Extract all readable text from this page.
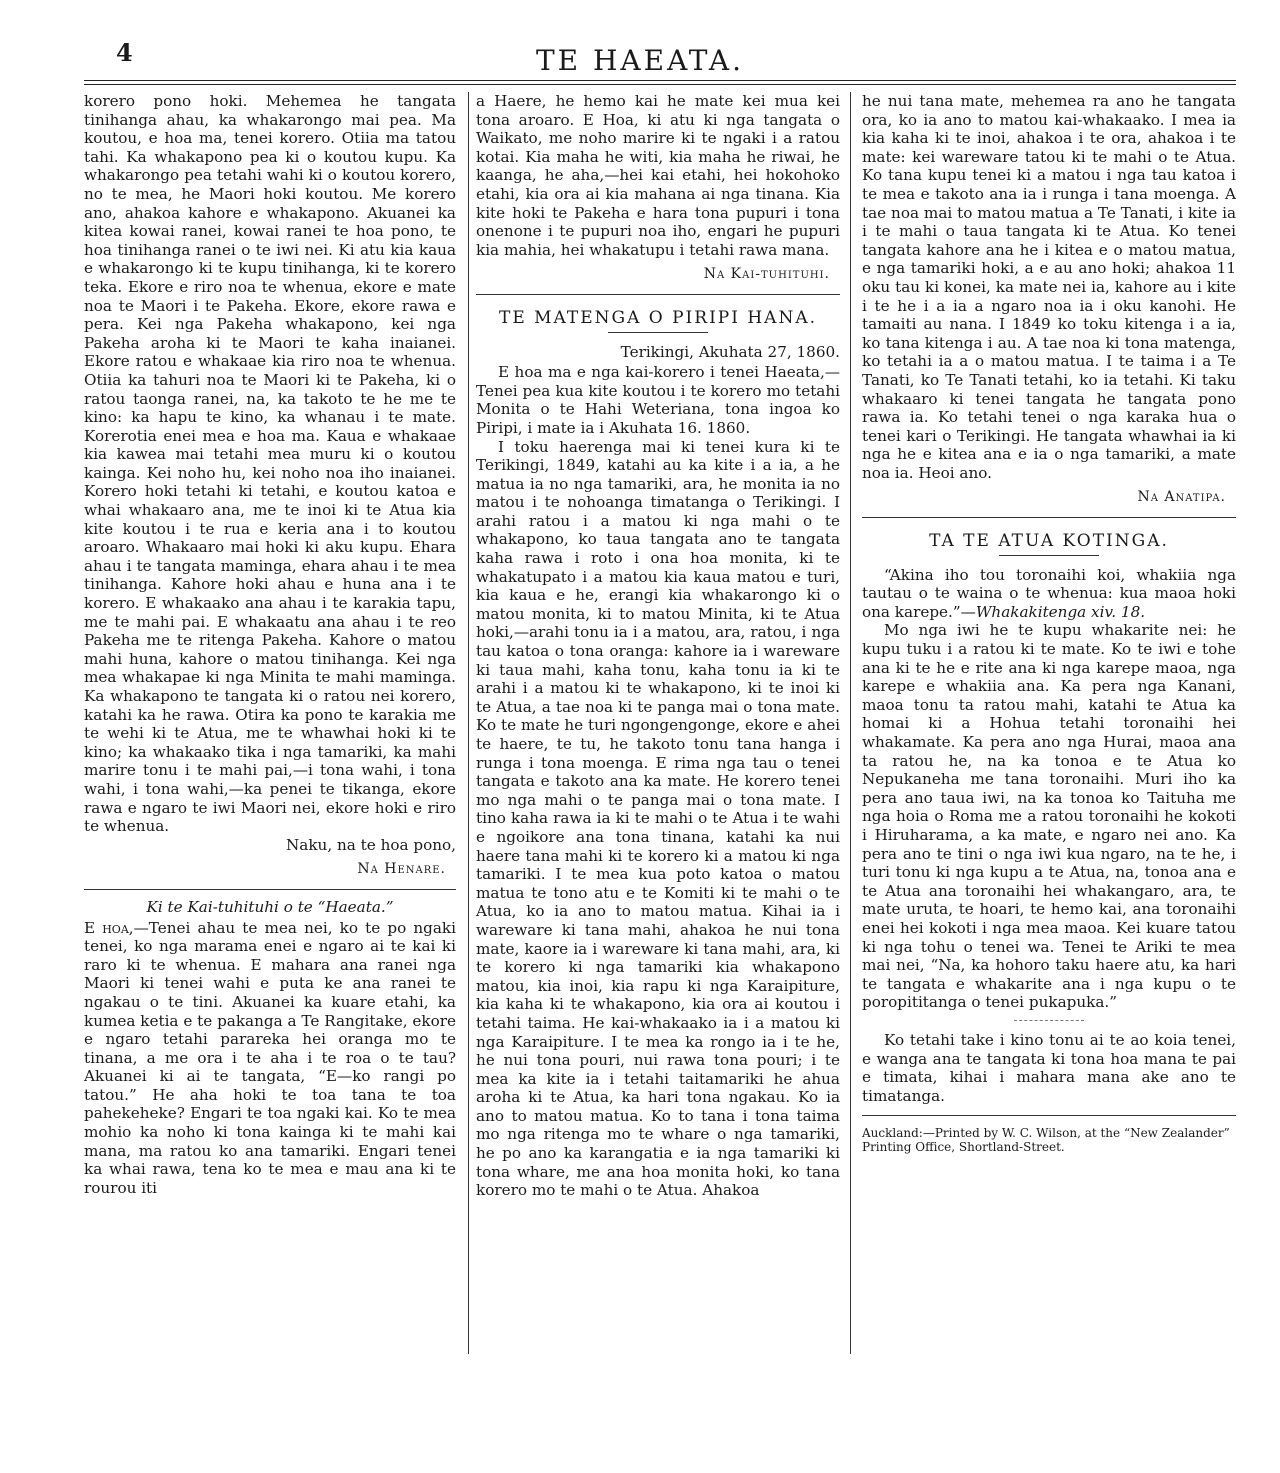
4	TE HAEATA.

korero pono hoki. Mehemea he tangata tinihanga ahau, ka whakarongo mai pea. Ma koutou, e hoa ma, tenei korero. Otiia ma tatou tahi. Ka whakapono pea ki o koutou kupu. Ka whakarongo pea tetahi wahi ki o koutou korero, no te mea, he Maori hoki koutou. Me korero ano, ahakoa kahore e whakapono. Akuanei ka kitea kowai ranei, kowai ranei te hoa pono, te hoa tinihanga ranei o te iwi nei. Ki atu kia kaua e whakarongo ki te kupu tinihanga, ki te korero teka. Ekore e riro noa te whenua, ekore e mate noa te Maori i te Pakeha. Ekore, ekore rawa e pera. Kei nga Pakeha whakapono, kei nga Pakeha aroha ki te Maori te kaha inaianei. Ekore ratou e whakaae kia riro noa te whenua. Otiia ka tahuri noa te Maori ki te Pakeha, ki o ratou taonga ranei, na, ka takoto te he me te kino: ka hapu te kino, ka whanau i te mate. Korerotia enei mea e hoa ma. Kaua e whakaae kia kawea mai tetahi mea muru ki o koutou kainga. Kei noho hu, kei noho noa iho inaianei. Korero hoki tetahi ki tetahi, e koutou katoa e whai whakaaro ana, me te inoi ki te Atua kia kite koutou i te rua e keria ana i to koutou aroaro. Whakaaro mai hoki ki aku kupu. Ehara ahau i te tangata maminga, ehara ahau i te mea tinihanga. Kahore hoki ahau e huna ana i te korero. E whakaako ana ahau i te karakia tapu, me te mahi pai. E whakaatu ana ahau i te reo Pakeha me te ritenga Pakeha. Kahore o matou mahi huna, kahore o matou tinihanga. Kei nga mea whakapae ki nga Minita te mahi maminga. Ka whakapono te tangata ki o ratou nei korero, katahi ka he rawa. Otira ka pono te karakia me te wehi ki te Atua, me te whawhai hoki ki te kino; ka whakaako tika i nga tamariki, ka mahi marire tonu i te mahi pai,—i tona wahi, i tona wahi, i tona wahi,—ka penei te tikanga, ekore rawa e ngaro te iwi Maori nei, ekore hoki e riro te whenua.

Naku, na te hoa pono,

Na Henare.
Ki te Kai-tuhituhi o te “Haeata.”

E hoa,—Tenei ahau te mea nei, ko te po ngaki tenei, ko nga marama enei e ngaro ai te kai ki raro ki te whenua. E mahara ana ranei nga Maori ki tenei wahi e puta ke ana ranei te ngakau o te tini. Akuanei ka kuare etahi, ka kumea ketia e te pakanga a Te Rangitake, ekore e ngaro tetahi parareka hei oranga mo te tinana, a me ora i te aha i te roa o te tau? Akuanei ki ai te tangata, “E—ko rangi po tatou.” He aha hoki te toa tana te toa pahekeheke? Engari te toa ngaki kai. Ko te mea mohio ka noho ki tona kainga ki te mahi kai mana, ma ratou ko ana tamariki. Engari tenei ka whai rawa, tena ko te mea e mau ana ki te rourou iti

a Haere, he hemo kai he mate kei mua kei tona aroaro. E Hoa, ki atu ki nga tangata o Waikato, me noho marire ki te ngaki i a ratou kotai. Kia maha he witi, kia maha he riwai, he kaanga, he aha,—hei kai etahi, hei hokohoko etahi, kia ora ai kia mahana ai nga tinana. Kia kite hoki te Pakeha e hara tona pupuri i tona onenone i te pupuri noa iho, engari he pupuri kia mahia, hei whakatupu i tetahi rawa mana.

Na Kai-tuhituhi.
TE MATENGA O PIRIPI HANA.
Terikingi, Akuhata 27, 1860.

E hoa ma e nga kai-korero i tenei Haeata,—Tenei pea kua kite koutou i te korero mo tetahi Monita o te Hahi Weteriana, tona ingoa ko Piripi, i mate ia i Akuhata 16. 1860.

I toku haerenga mai ki tenei kura ki te Terikingi, 1849, katahi au ka kite i a ia, a he matua ia no nga tamariki, ara, he monita ia no matou i te nohoanga timatanga o Terikingi. I arahi ratou i a matou ki nga mahi o te whakapono, ko taua tangata ano te tangata kaha rawa i roto i ona hoa monita, ki te whakatupato i a matou kia kaua matou e turi, kia kaua e he, erangi kia whakarongo ki o matou monita, ki to matou Minita, ki te Atua hoki,—arahi tonu ia i a matou, ara, ratou, i nga tau katoa o tona oranga: kahore ia i wareware ki taua mahi, kaha tonu, kaha tonu ia ki te arahi i a matou ki te whakapono, ki te inoi ki te Atua, a tae noa ki te panga mai o tona mate. Ko te mate he turi ngongengonge, ekore e ahei te haere, te tu, he takoto tonu tana hanga i runga i tona moenga. E rima nga tau o tenei tangata e takoto ana ka mate. He korero tenei mo nga mahi o te panga mai o tona mate. I tino kaha rawa ia ki te mahi o te Atua i te wahi e ngoikore ana tona tinana, katahi ka nui haere tana mahi ki te korero ki a matou ki nga tamariki. I te mea kua poto katoa o matou matua te tono atu e te Komiti ki te mahi o te Atua, ko ia ano to matou matua. Kihai ia i wareware ki tana mahi, ahakoa he nui tona mate, kaore ia i wareware ki tana mahi, ara, ki te korero ki nga tamariki kia whakapono matou, kia inoi, kia rapu ki nga Karaipiture, kia kaha ki te whakapono, kia ora ai koutou i tetahi taima. He kai-whakaako ia i a matou ki nga Karaipiture. I te mea ka rongo ia i te he, he nui tona pouri, nui rawa tona pouri; i te mea ka kite ia i tetahi taitamariki he ahua aroha ki te Atua, ka hari tona ngakau. Ko ia ano to matou matua. Ko to tana i tona taima mo nga ritenga mo te whare o nga tamariki, he po ano ka karangatia e ia nga tamariki ki tona whare, me ana hoa monita hoki, ko tana korero mo te mahi o te Atua. Ahakoa

he nui tana mate, mehemea ra ano he tangata ora, ko ia ano to matou kai-whakaako. I mea ia kia kaha ki te inoi, ahakoa i te ora, ahakoa i te mate: kei wareware tatou ki te mahi o te Atua. Ko tana kupu tenei ki a matou i nga tau katoa i te mea e takoto ana ia i runga i tana moenga. A tae noa mai to matou matua a Te Tanati, i kite ia i te mahi o taua tangata ki te Atua. Ko tenei tangata kahore ana he i kitea e o matou matua, e nga tamariki hoki, a e au ano hoki; ahakoa 11 oku tau ki konei, ka mate nei ia, kahore au i kite i te he i a ia a ngaro noa ia i oku kanohi. He tamaiti au nana. I 1849 ko toku kitenga i a ia, ko tana kitenga i au. A tae noa ki tona matenga, ko tetahi ia a o matou matua. I te taima i a Te Tanati, ko Te Tanati tetahi, ko ia tetahi. Ki taku whakaaro ki tenei tangata he tangata pono rawa ia. Ko tetahi tenei o nga karaka hua o tenei kari o Terikingi. He tangata whawhai ia ki nga he e kitea ana e ia o nga tamariki, a mate noa ia. Heoi ano.

Na Anatipa.
TA TE ATUA KOTINGA.

“Akina iho tou toronaihi koi, whakiia nga tautau o te waina o te whenua: kua maoa hoki ona karepe.”—Whakakitenga xiv. 18.

Mo nga iwi he te kupu whakarite nei: he kupu tuku i a ratou ki te mate. Ko te iwi e tohe ana ki te he e rite ana ki nga karepe maoa, nga karepe e whakiia ana. Ka pera nga Kanani, maoa tonu ta ratou mahi, katahi te Atua ka homai ki a Hohua tetahi toronaihi hei whakamate. Ka pera ano nga Hurai, maoa ana ta ratou he, na ka tonoa e te Atua ko Nepukaneha me tana toronaihi. Muri iho ka pera ano taua iwi, na ka tonoa ko Taituha me nga hoia o Roma me a ratou toronaihi he kokoti i Hiruharama, a ka mate, e ngaro nei ano. Ka pera ano te tini o nga iwi kua ngaro, na te he, i turi tonu ki nga kupu a te Atua, na, tonoa ana e te Atua ana toronaihi hei whakangaro, ara, te mate uruta, te hoari, te hemo kai, ana toronaihi enei hei kokoti i nga mea maoa. Kei kuare tatou ki nga tohu o tenei wa. Tenei te Ariki te mea mai nei, “Na, ka hohoro taku haere atu, ka hari te tangata e whakarite ana i nga kupu o te poropititanga o tenei pukapuka.”

Ko tetahi take i kino tonu ai te ao koia tenei, e wanga ana te tangata ki tona hoa mana te pai e timata, kihai i mahara mana ake ano te timatanga.

Auckland:—Printed by W. C. Wilson, at the “New Zealander” Printing Office, Shortland-Street.
